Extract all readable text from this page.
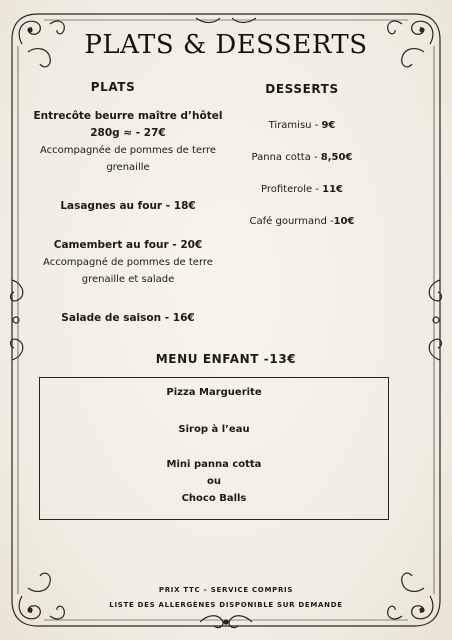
PLATS & DESSERTS
PLATS	DESSERTS
Entrecôte beurre maître d’hôtel
280g ≈ - 27€
Accompagnée de pommes de terre grenaille
Lasagnes au four - 18€
Camembert au four - 20€
Accompagné de pommes de terre grenaille et salade
Salade de saison - 16€
Tiramisu - 9€
Panna cotta - 8,50€
Profiterole - 11€
Café gourmand -10€
MENU ENFANT -13€
Pizza Marguerite
Sirop à l’eau
Mini panna cotta
ou
Choco Balls
PRIX TTC – SERVICE COMPRIS
LISTE DES ALLERGÈNES DISPONIBLE SUR DEMANDE
